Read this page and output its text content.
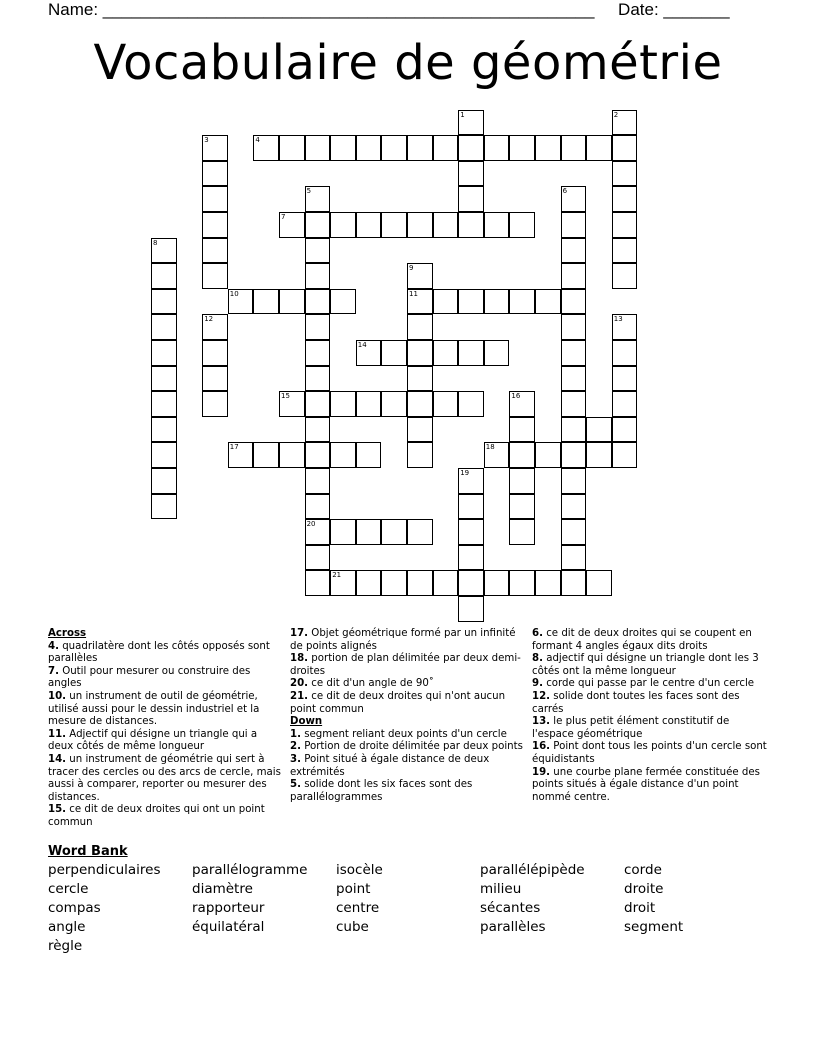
Name: ____________________________________________________     Date: _______
Vocabulaire de géométrie
4
7
10	11
14
15
17	18
20
21
1	2
3
5	6
8
9
12	13
16
19
Across
4. quadrilatère dont les côtés opposés sont parallèles
7. Outil pour mesurer ou construire des angles
10. un instrument de outil de géométrie, utilisé aussi pour le dessin industriel et la mesure de distances.
11. Adjectif qui désigne un triangle qui a deux côtés de même longueur
14. un instrument de géométrie qui sert à tracer des cercles ou des arcs de cercle, mais aussi à comparer, reporter ou mesurer des distances.
15. ce dit de deux droites qui ont un point commun
17. Objet géométrique formé par un infinité de points alignés
18. portion de plan délimitée par deux demi-droites
20. ce dit d'un angle de 90˚
21. ce dit de deux droites qui n'ont aucun point commun
Down
1. segment reliant deux points d'un cercle
2. Portion de droite délimitée par deux points
3. Point situé à égale distance de deux extrémités
5. solide dont les six faces sont des parallélogrammes
6. ce dit de deux droites qui se coupent en formant 4 angles égaux dits droits
8. adjectif qui désigne un triangle dont les 3 côtés ont la même longueur
9. corde qui passe par le centre d'un cercle
12. solide dont toutes les faces sont des carrés
13. le plus petit élément constitutif de l'espace géométrique
16. Point dont tous les points d'un cercle sont équidistants
19. une courbe plane fermée constituée des points situés à égale distance d'un point nommé centre.
Word Bank
perpendiculaires parallélogramme isocèle	parallélépipède	corde
cercle	diamètre	point	milieu	droite
compas	rapporteur	centre	sécantes	droit
angle	équilatéral	cube	parallèles	segment
règle
